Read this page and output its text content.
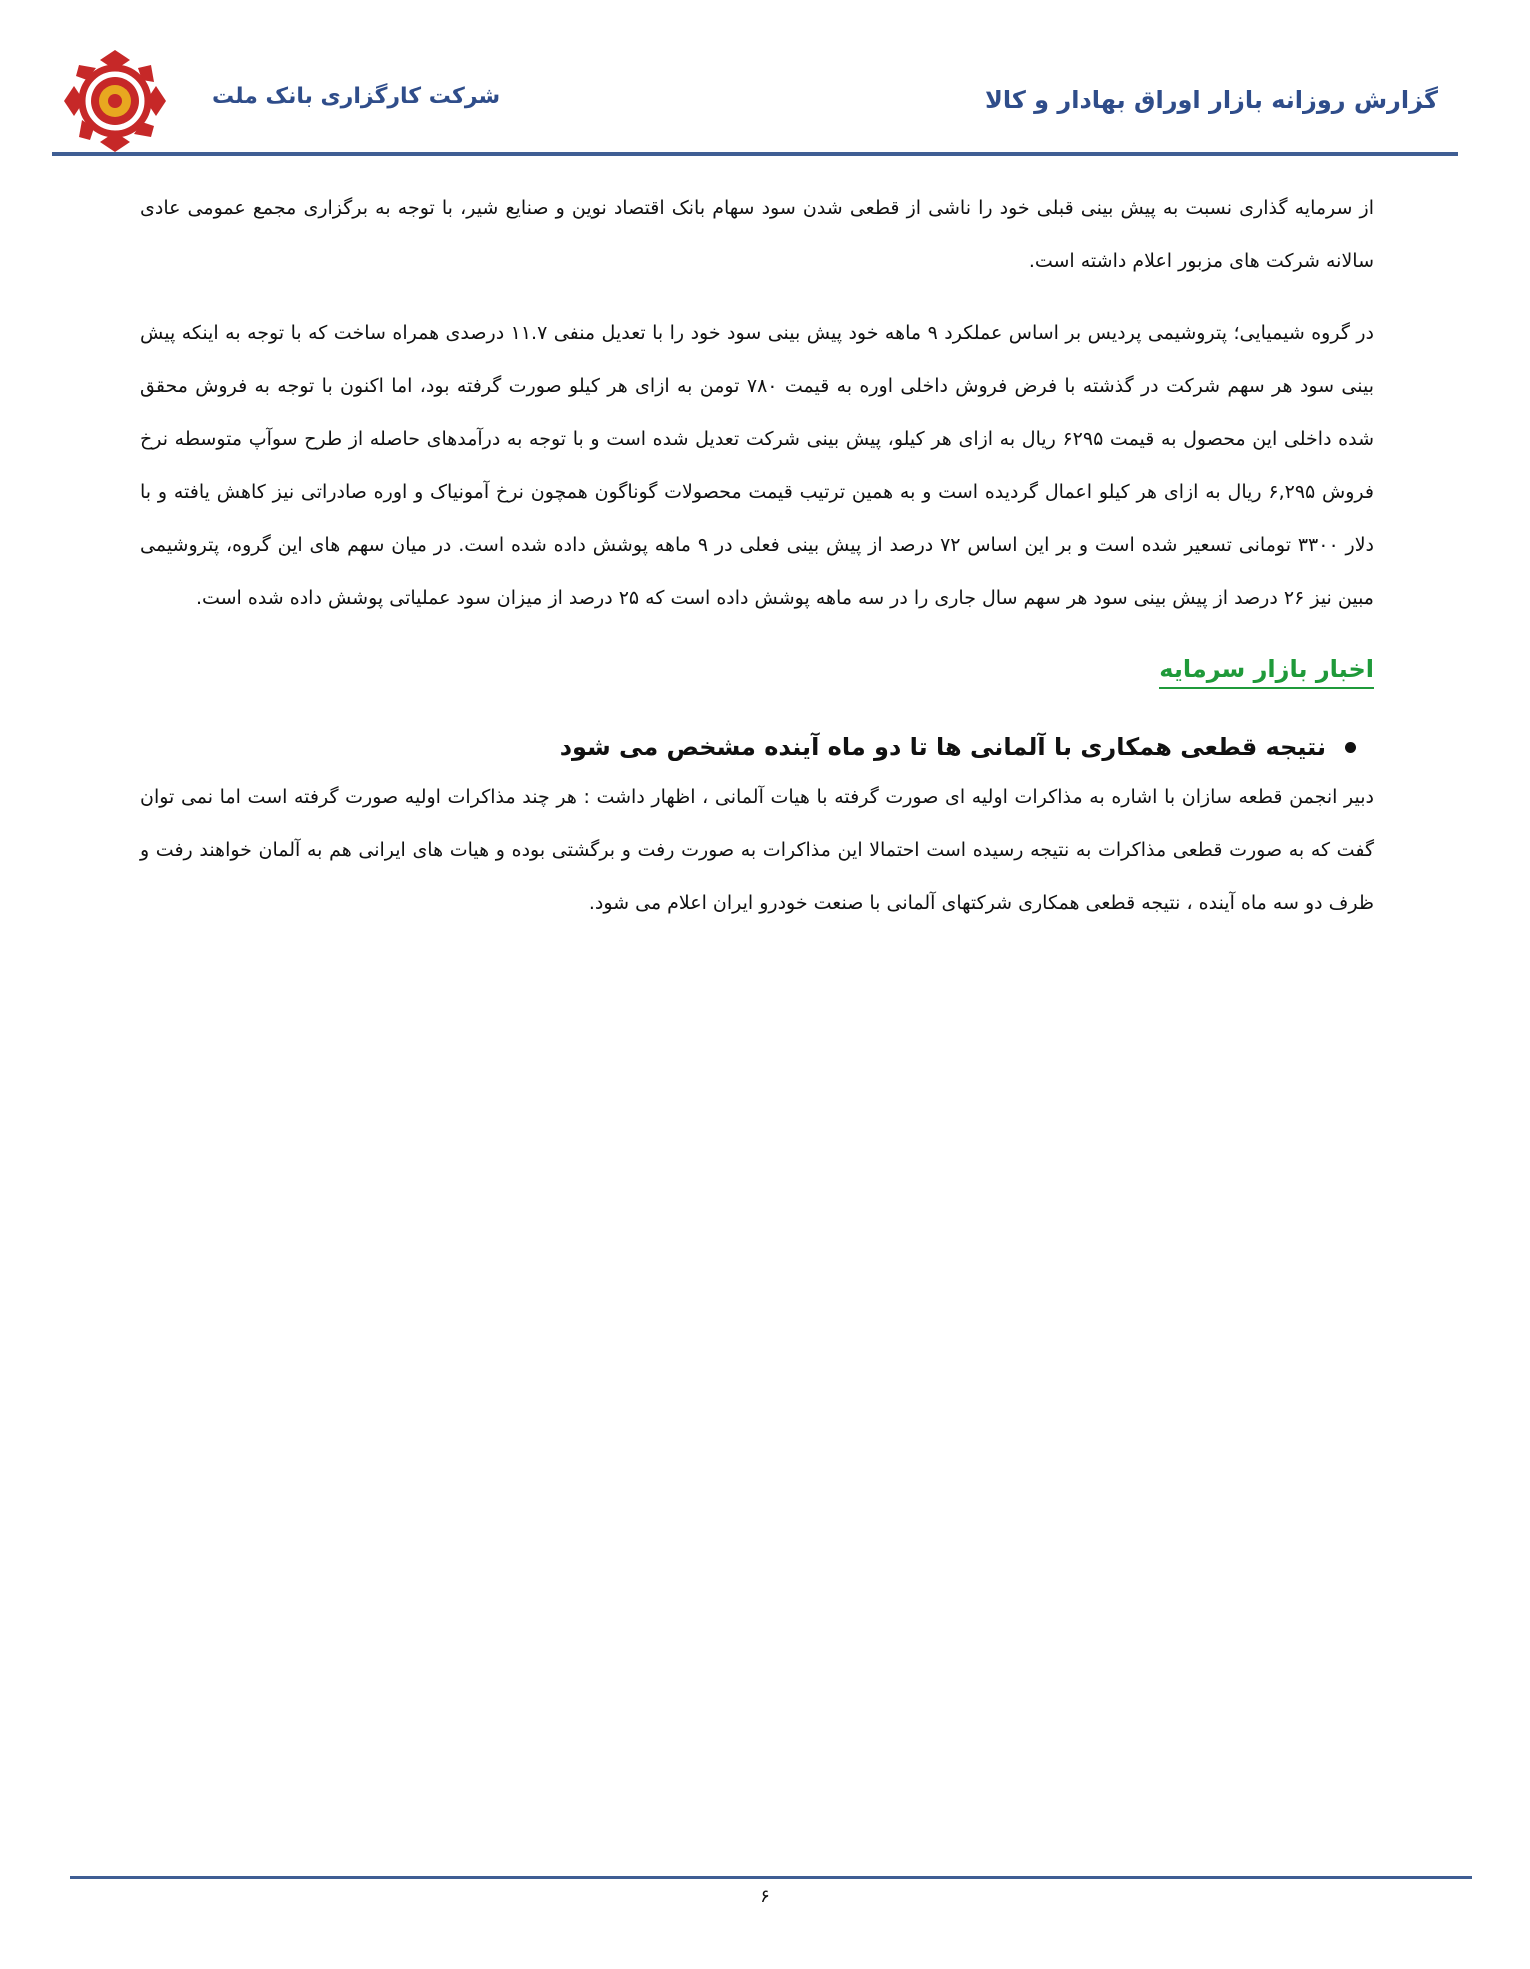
گزارش روزانه بازار اوراق بهادار و کالا
شرکت کارگزاری بانک ملت

از سرمایه گذاری نسبت به پیش بینی قبلی خود را ناشی از قطعی شدن سود سهام بانک اقتصاد نوین و صنایع شیر، با توجه به برگزاری مجمع عمومی عادی سالانه شرکت های مزبور اعلام داشته است.

در گروه شیمیایی؛ پتروشیمی پردیس بر اساس عملکرد ۹ ماهه خود پیش بینی سود خود را با تعدیل منفی ۱۱.۷ درصدی همراه ساخت که با توجه به اینکه پیش بینی سود هر سهم شرکت در گذشته با فرض فروش داخلی اوره به قیمت ۷۸۰ تومن به ازای هر کیلو صورت گرفته بود، اما اکنون با توجه به فروش محقق شده داخلی این محصول به قیمت ۶۲۹۵ ریال به ازای هر کیلو، پیش بینی شرکت تعدیل شده است و با توجه به درآمدهای حاصله از طرح سوآپ متوسطه نرخ فروش ۶,۲۹۵ ریال به ازای هر کیلو اعمال گردیده است و به همین ترتیب قیمت محصولات گوناگون همچون نرخ آمونیاک و اوره صادراتی نیز کاهش یافته و با دلار ۳۳۰۰ تومانی تسعیر شده است و بر این اساس ۷۲ درصد از پیش بینی فعلی در ۹ ماهه پوشش داده شده است. در میان سهم های این گروه، پتروشیمی مبین نیز ۲۶ درصد از پیش بینی سود هر سهم سال جاری را در سه ماهه پوشش داده است که ۲۵ درصد از میزان سود عملیاتی پوشش داده شده است.

اخبار بازار سرمایه
نتیجه قطعی همکاری با آلمانی ها تا دو ماه آینده مشخص می شود

دبیر انجمن قطعه سازان با اشاره به مذاکرات اولیه ای صورت گرفته با هیات آلمانی ، اظهار داشت : هر چند مذاکرات اولیه صورت گرفته است اما نمی توان گفت که به صورت قطعی مذاکرات به نتیجه رسیده است احتمالا این مذاکرات به صورت رفت و برگشتی بوده و هیات های ایرانی هم به آلمان خواهند رفت و ظرف دو سه ماه آینده ، نتیجه قطعی همکاری شرکتهای آلمانی با صنعت خودرو ایران اعلام می شود.

۶
